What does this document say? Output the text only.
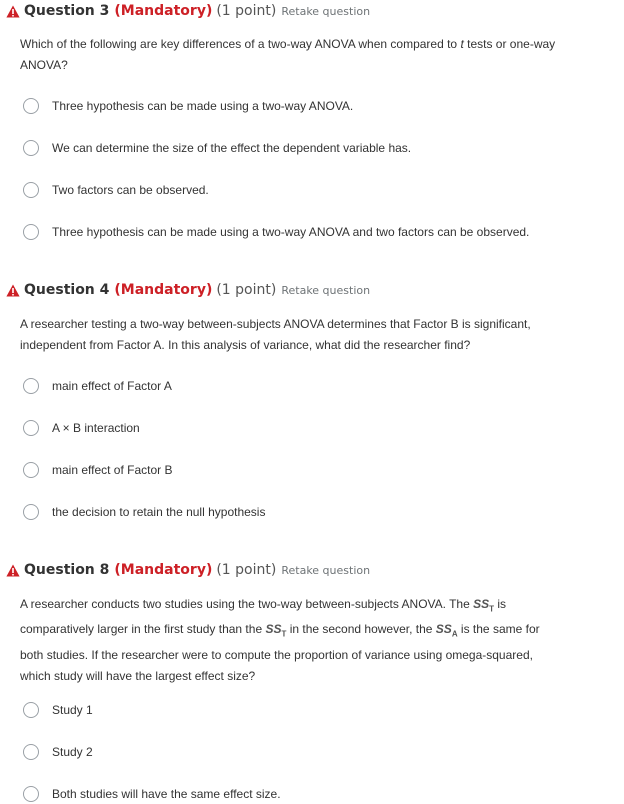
Question 3 (Mandatory) (1 point) Retake question
Which of the following are key differences of a two-way ANOVA when compared to t tests or one-way ANOVA?
Three hypothesis can be made using a two-way ANOVA.
We can determine the size of the effect the dependent variable has.
Two factors can be observed.
Three hypothesis can be made using a two-way ANOVA and two factors can be observed.
Question 4 (Mandatory) (1 point) Retake question
A researcher testing a two-way between-subjects ANOVA determines that Factor B is significant, independent from Factor A. In this analysis of variance, what did the researcher find?
main effect of Factor A
A × B interaction
main effect of Factor B
the decision to retain the null hypothesis
Question 8 (Mandatory) (1 point) Retake question
A researcher conducts two studies using the two-way between-subjects ANOVA. The $SS_T$ is comparatively larger in the first study than the $SS_T$ in the second however, the $SS_A$ is the same for both studies. If the researcher were to compute the proportion of variance using omega-squared, which study will have the largest effect size?
Study 1
Study 2
Both studies will have the same effect size.
